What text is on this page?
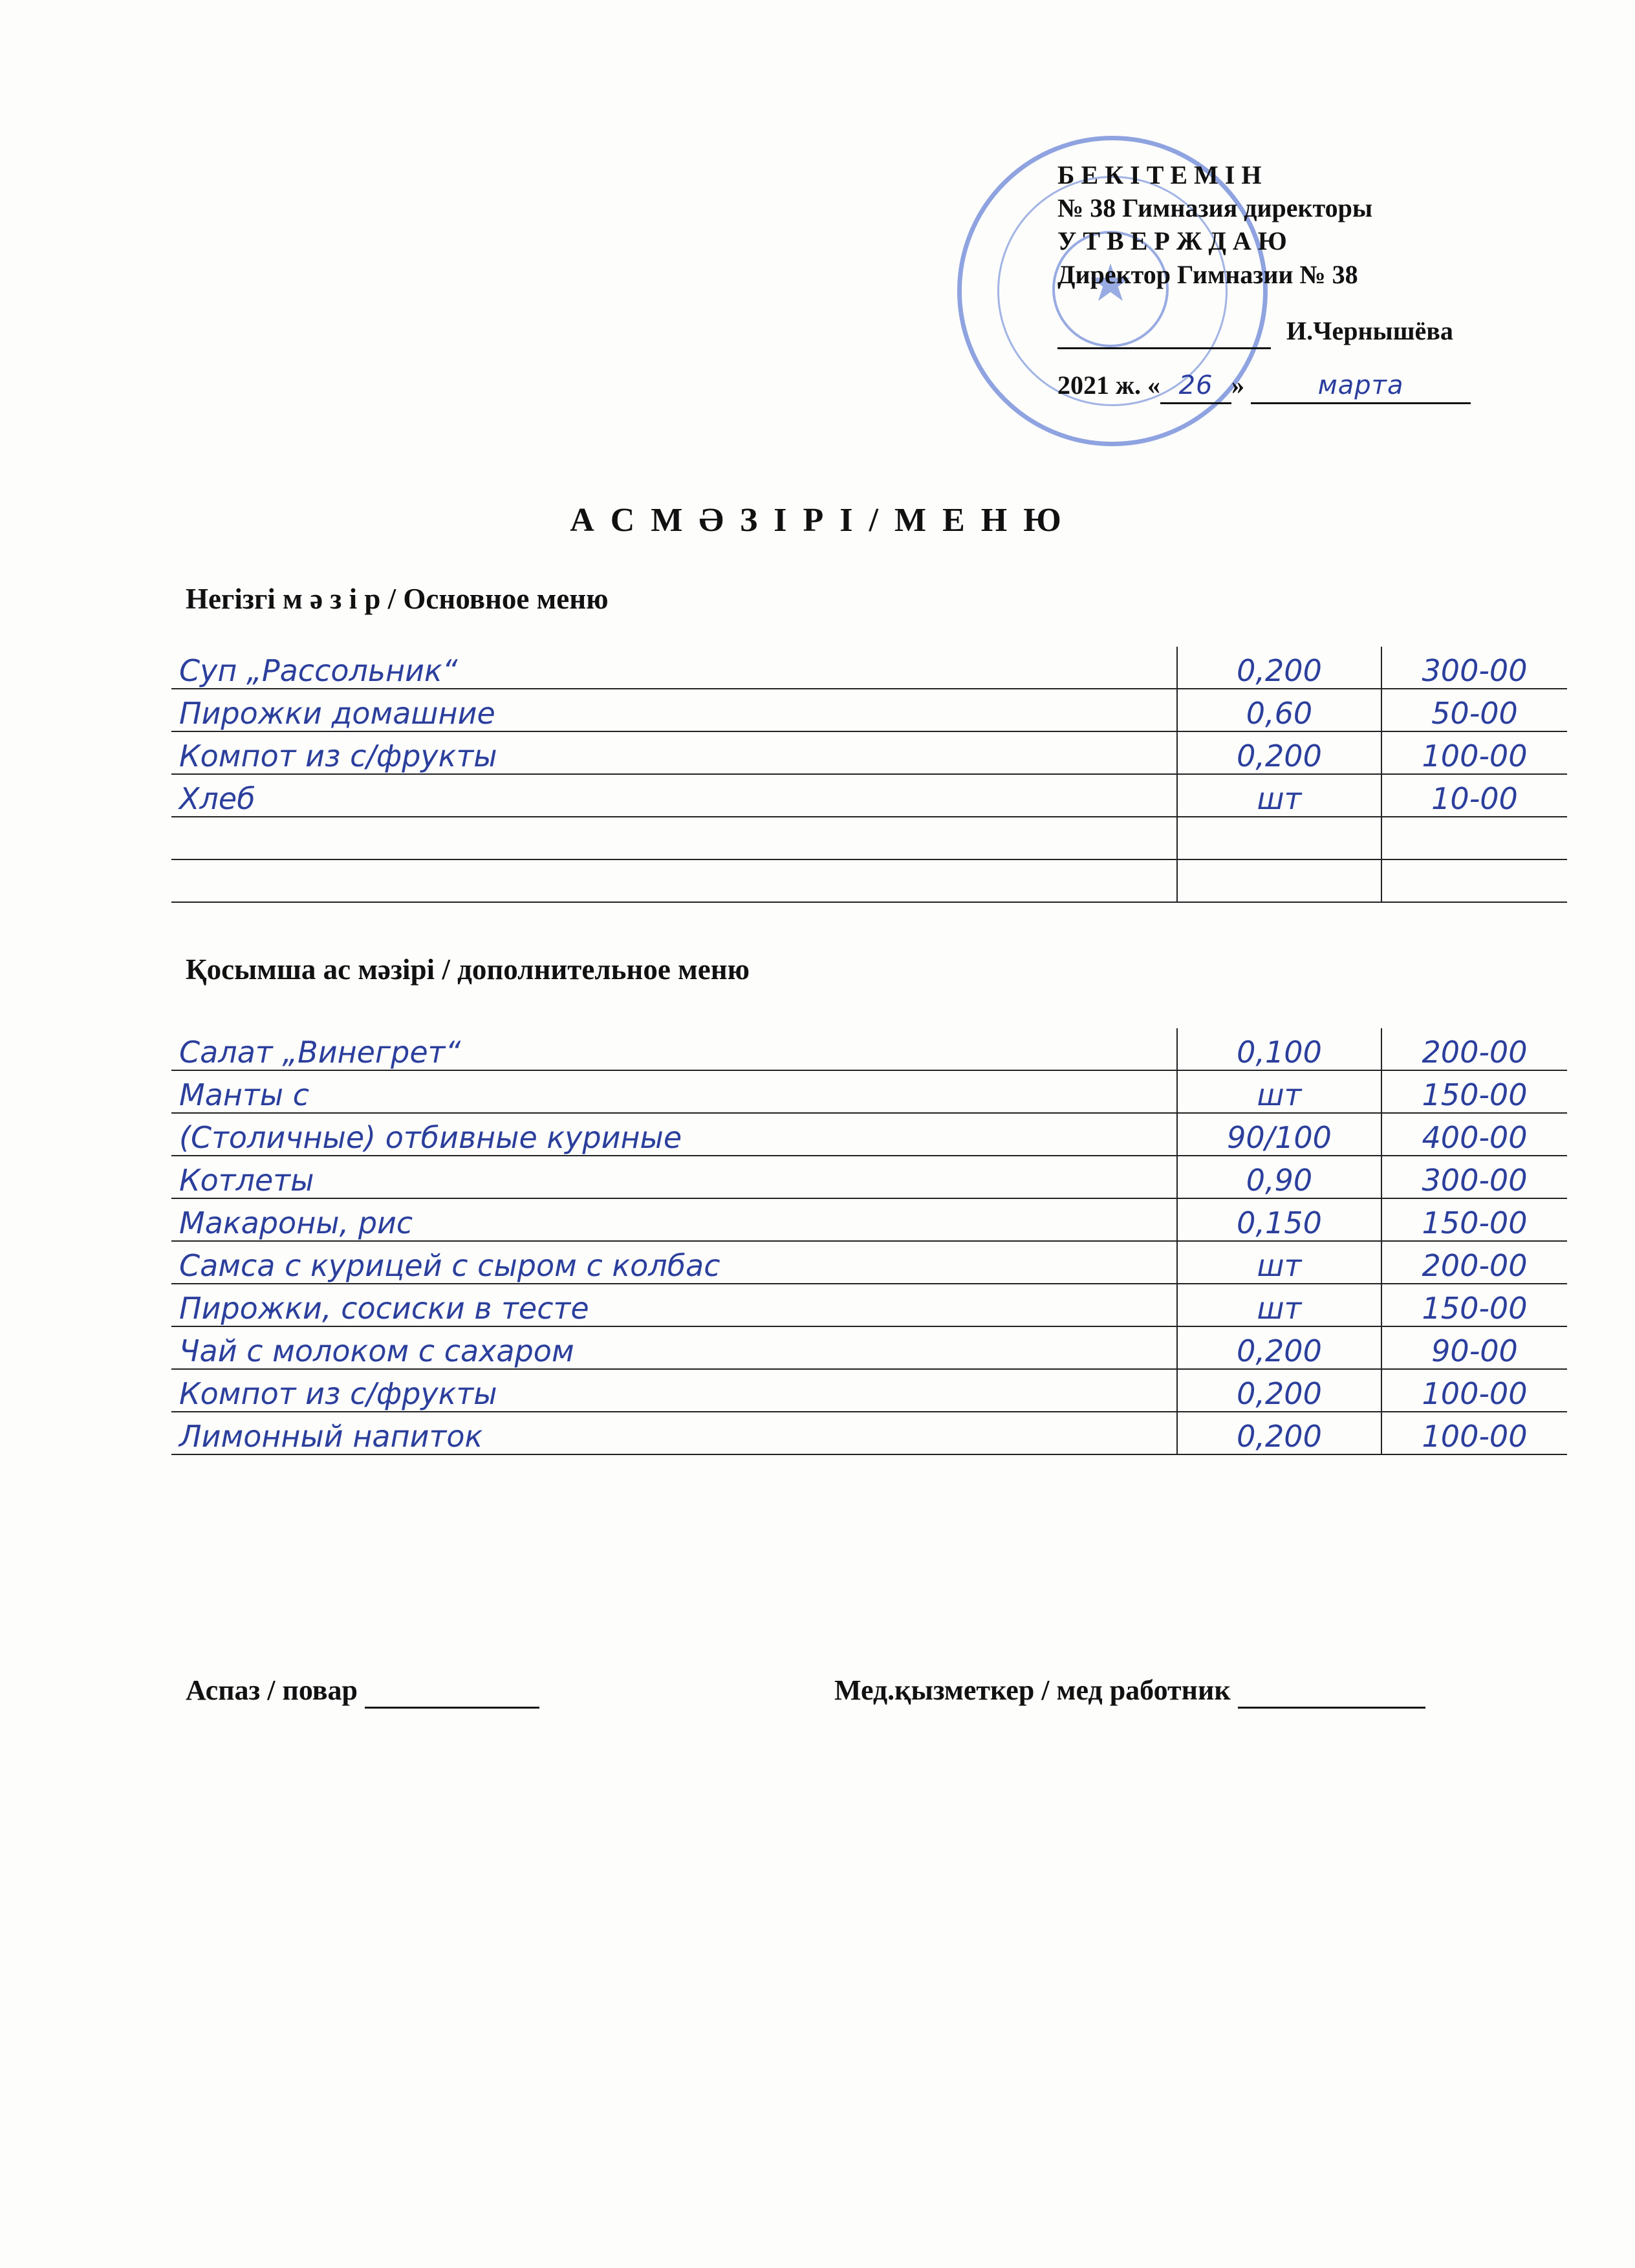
★
Б Е К І Т Е М І Н
№ 38 Гимназия директоры
У Т В Е Р Ж Д А Ю
Директор Гимназии № 38
И.Чернышёва
2021 ж. « 26 »	марта
А С М Ә З І Р І / М Е Н Ю
Негізгі м ә з і р / Основное меню
Суп „Рассольник“	0,200	300-00
Пирожки домашние	0,60	50-00
Компот из с/фрукты	0,200	100-00
Хлеб	шт	10-00

Қосымша ас мәзірі / дополнительное меню
Салат „Винегрет“	0,100	200-00
Манты с	шт	150-00
(Столичные) отбивные куриные	90/100	400-00
Котлеты	0,90	300-00
Макароны, рис	0,150	150-00
Самса с курицей с сыром с колбас	шт	200-00
Пирожки, сосиски в тесте	шт	150-00
Чай с молоком с сахаром	0,200	90-00
Компот из с/фрукты	0,200	100-00
Лимонный напиток	0,200	100-00
Аспаз / повар	Мед.қызметкер / мед работник
